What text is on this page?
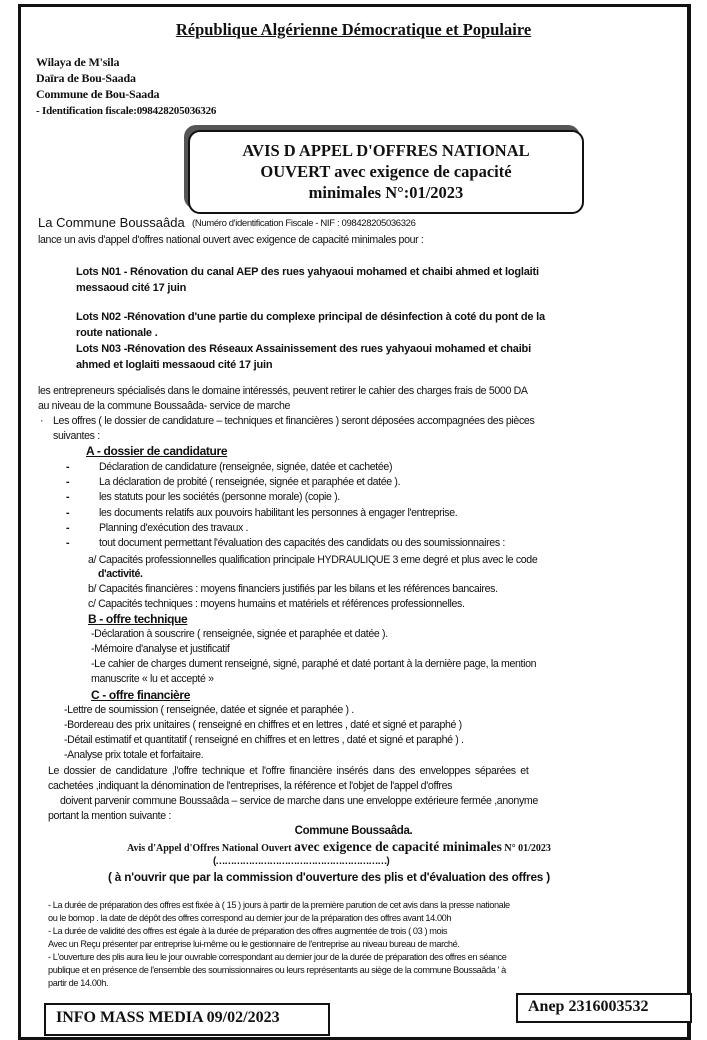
République Algérienne Démocratique et Populaire
Wilaya de M'sila
Daïra de Bou-Saada
Commune de Bou-Saada
- Identification fiscale:098428205036326
AVIS D APPEL D'OFFRES NATIONAL
OUVERT avec exigence de capacité
minimales N°:01/2023
La Commune Boussaâda (Numéro d'identification Fiscale - NIF : 098428205036326
lance un avis d'appel d'offres national ouvert avec exigence de capacité minimales pour :
Lots N01 - Rénovation du canal AEP des rues yahyaoui mohamed et chaibi ahmed et loglaiti
messaoud cité 17 juin
Lots N02 -Rénovation d'une partie du complexe principal de désinfection à coté du pont de la
route nationale .
Lots N03 -Rénovation des Réseaux Assainissement des rues yahyaoui mohamed et chaibi
ahmed et loglaiti messaoud cité 17 juin
les entrepreneurs spécialisés dans le domaine intéressés, peuvent retirer le cahier des charges frais de 5000 DA
au niveau de la commune Boussaâda- service de marche
· Les offres ( le dossier de candidature – techniques et financières ) seront déposées accompagnées des pièces
suivantes :
A - dossier de candidature
-	Déclaration de candidature (renseignée, signée, datée et cachetée)
-	La déclaration de probité ( renseignée, signée et paraphée et datée ).
-	les statuts pour les sociétés (personne morale) (copie ).
-	les documents relatifs aux pouvoirs habilitant les personnes à engager l'entreprise.
-	Planning d'exécution des travaux .
-	tout document permettant l'évaluation des capacités des candidats ou des soumissionnaires :
a/ Capacités professionnelles qualification principale HYDRAULIQUE 3 eme degré et plus avec le code
d'activité.
b/ Capacités financières : moyens financiers justifiés par les bilans et les références bancaires.
c/ Capacités techniques : moyens humains et matériels et références professionnelles.
B - offre technique
-Déclaration à souscrire ( renseignée, signée et paraphée et datée ).
-Mémoire d'analyse et justificatif
-Le cahier de charges dument renseigné, signé, paraphé et daté portant à la dernière page, la mention
manuscrite « lu et accepté »
C - offre financière
-Lettre de soumission ( renseignée, datée et signée et paraphée ) .
-Bordereau des prix unitaires ( renseigné en chiffres et en lettres , daté et signé et paraphé )
-Détail estimatif et quantitatif ( renseigné en chiffres et en lettres , daté et signé et paraphé ) .
-Analyse prix totale et forfaitaire.
Le dossier de candidature ,l'offre technique et l'offre financière insérés dans des enveloppes séparées et
cachetées ,indiquant la dénomination de l'entreprises, la référence et l'objet de l'appel d'offres
doivent parvenir commune Boussaâda – service de marche dans une enveloppe extérieure fermée ,anonyme
portant la mention suivante :
Commune Boussaâda.
Avis d'Appel d'Offres National Ouvert avec exigence de capacité minimales N° 01/2023
(…………………………………………………)
( à n'ouvrir que par la commission d'ouverture des plis et d'évaluation des offres )
- La durée de préparation des offres est fixée à ( 15 ) jours à partir de la première parution de cet avis dans la presse nationale
ou le bomop . la date de dépôt des offres correspond au dernier jour de la préparation des offres avant 14.00h
- La durée de validité des offres est égale à la durée de préparation des offres augmentée de trois ( 03 ) mois
Avec un Reçu présenter par entreprise lui-même ou le gestionnaire de l'entreprise au niveau bureau de marché.
- L'ouverture des plis aura lieu le jour ouvrable correspondant au dernier jour de la durée de préparation des offres en séance
publique et en présence de l'ensemble des soumissionnaires ou leurs représentants au siège de la commune Boussaâda ' à
partir de 14.00h.
INFO MASS MEDIA 09/02/2023
Anep 2316003532
